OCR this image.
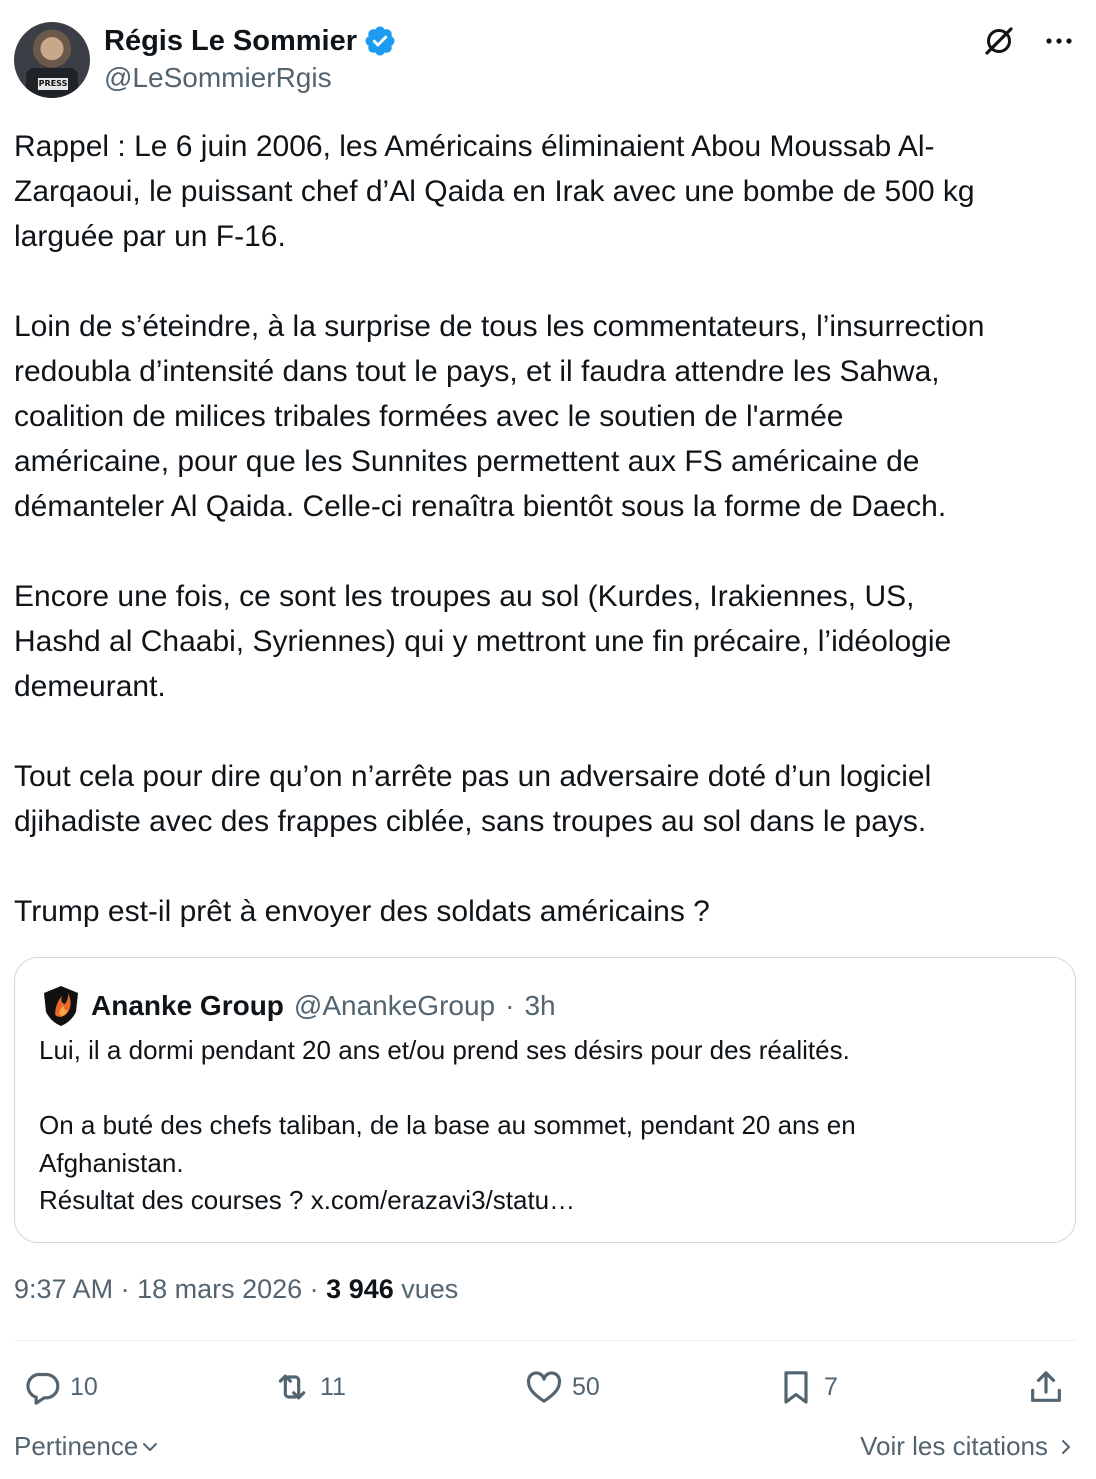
PRESS
Régis Le Sommier
@LeSommierRgis
Rappel : Le 6 juin 2006, les Américains éliminaient Abou Moussab Al-
Zarqaoui, le puissant chef d’Al Qaida en Irak avec une bombe de 500 kg
larguée par un F-16.

Loin de s’éteindre, à la surprise de tous les commentateurs, l’insurrection
redoubla d’intensité dans tout le pays, et il faudra attendre les Sahwa,
coalition de milices tribales formées avec le soutien de l'armée
américaine, pour que les Sunnites permettent aux FS américaine de
démanteler Al Qaida. Celle-ci renaîtra bientôt sous la forme de Daech.

Encore une fois, ce sont les troupes au sol (Kurdes, Irakiennes, US,
Hashd al Chaabi, Syriennes) qui y mettront une fin précaire, l’idéologie
demeurant.

Tout cela pour dire qu’on n’arrête pas un adversaire doté d’un logiciel
djihadiste avec des frappes ciblée, sans troupes au sol dans le pays.

Trump est-il prêt à envoyer des soldats américains ?
Ananke Group @AnankeGroup · 3h
Lui, il a dormi pendant 20 ans et/ou prend ses désirs pour des réalités.

On a buté des chefs taliban, de la base au sommet, pendant 20 ans en
Afghanistan.
Résultat des courses ? x.com/erazavi3/statu…
9:37 AM · 18 mars 2026 · 3 946 vues
10	11	50	7
Pertinence	Voir les citations
